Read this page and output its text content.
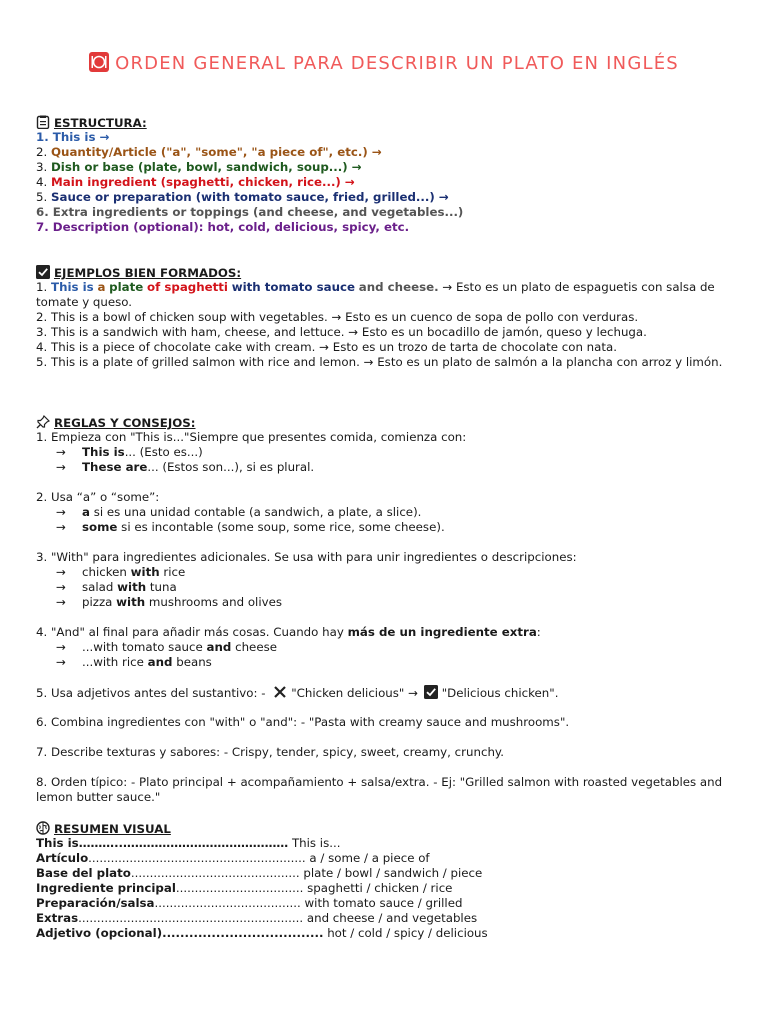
ORDEN GENERAL PARA DESCRIBIR UN PLATO EN INGLÉS
ESTRUCTURA:
1. This is →
2. Quantity/Article ("a", "some", "a piece of", etc.) →
3. Dish or base (plate, bowl, sandwich, soup...) →
4. Main ingredient (spaghetti, chicken, rice...) →
5. Sauce or preparation (with tomato sauce, fried, grilled...) →
6. Extra ingredients or toppings (and cheese, and vegetables...)
7. Description (optional): hot, cold, delicious, spicy, etc.
EJEMPLOS BIEN FORMADOS:
1. This is a plate of spaghetti with tomato sauce and cheese. → Esto es un plato de espaguetis con salsa de tomate y queso.
2. This is a bowl of chicken soup with vegetables. → Esto es un cuenco de sopa de pollo con verduras.
3. This is a sandwich with ham, cheese, and lettuce. → Esto es un bocadillo de jamón, queso y lechuga.
4. This is a piece of chocolate cake with cream. → Esto es un trozo de tarta de chocolate con nata.
5. This is a plate of grilled salmon with rice and lemon. → Esto es un plato de salmón a la plancha con arroz y limón.
REGLAS Y CONSEJOS:
1. Empieza con "This is..."Siempre que presentes comida, comienza con:
→ This is... (Esto es...)
→ These are... (Estos son...), si es plural.
2. Usa “a” o “some”:
→ a si es una unidad contable (a sandwich, a plate, a slice).
→ some si es incontable (some soup, some rice, some cheese).
3. "With" para ingredientes adicionales. Se usa with para unir ingredientes o descripciones:
→ chicken with rice
→ salad with tuna
→ pizza with mushrooms and olives
4. "And" al final para añadir más cosas. Cuando hay más de un ingrediente extra:
→ ...with tomato sauce and cheese
→ ...with rice and beans
5. Usa adjetivos antes del sustantivo: - "Chicken delicious" → "Delicious chicken".
6. Combina ingredientes con "with" o "and": - "Pasta with creamy sauce and mushrooms".
7. Describe texturas y sabores: - Crispy, tender, spicy, sweet, creamy, crunchy.
8. Orden típico: - Plato principal + acompañamiento + salsa/extra. - Ej: "Grilled salmon with roasted vegetables and lemon butter sauce."
RESUMEN VISUAL
This is………..…………………………………… This is...
Artículo.......................................................... a / some / a piece of
Base del plato............................................. plate / bowl / sandwich / piece
Ingrediente principal.................................. spaghetti / chicken / rice
Preparación/salsa....................................... with tomato sauce / grilled
Extras............................................................ and cheese / and vegetables
Adjetivo (opcional).................................... hot / cold / spicy / delicious
